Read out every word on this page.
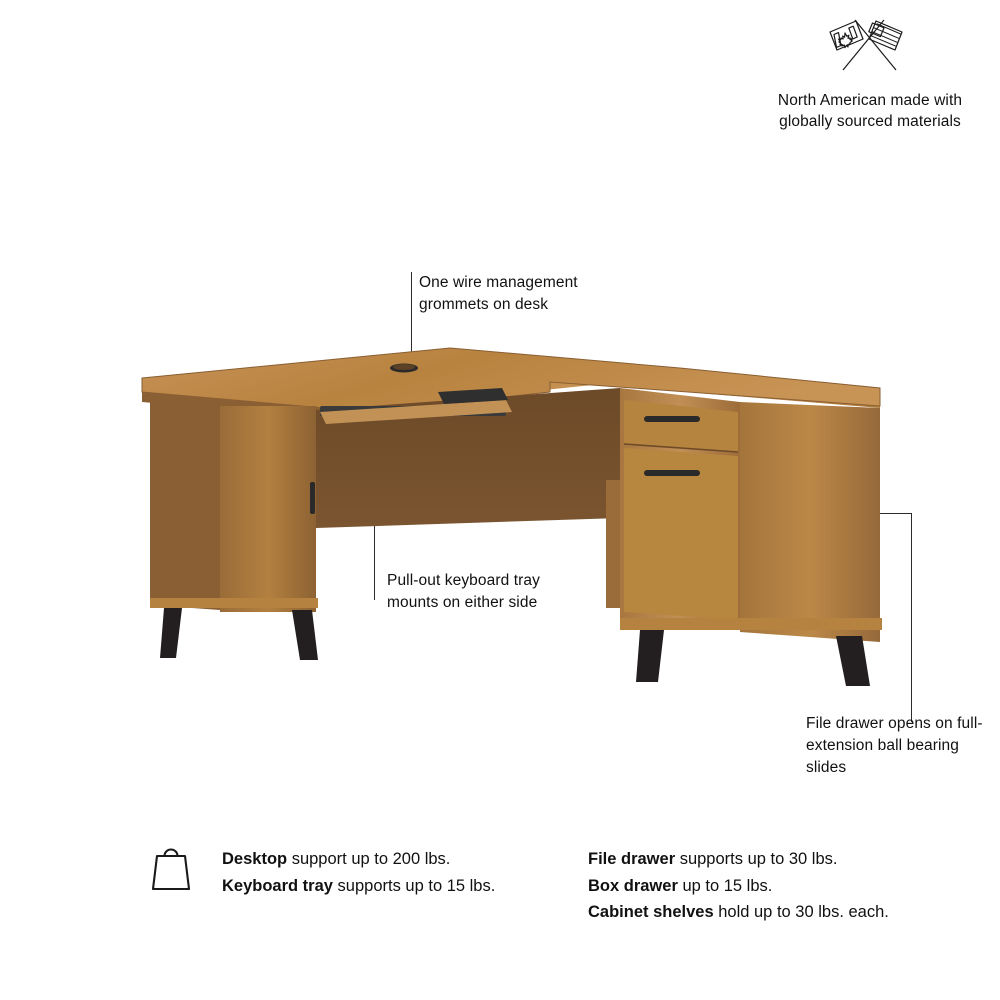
North American made with globally sourced materials
One wire management grommets on desk
Pull-out keyboard tray mounts on either side
File drawer opens on full-extension ball bearing slides
Desktop support up to 200 lbs.
Keyboard tray supports up to 15 lbs.
File drawer supports up to 30 lbs.
Box drawer up to 15 lbs.
Cabinet shelves hold up to 30 lbs. each.
